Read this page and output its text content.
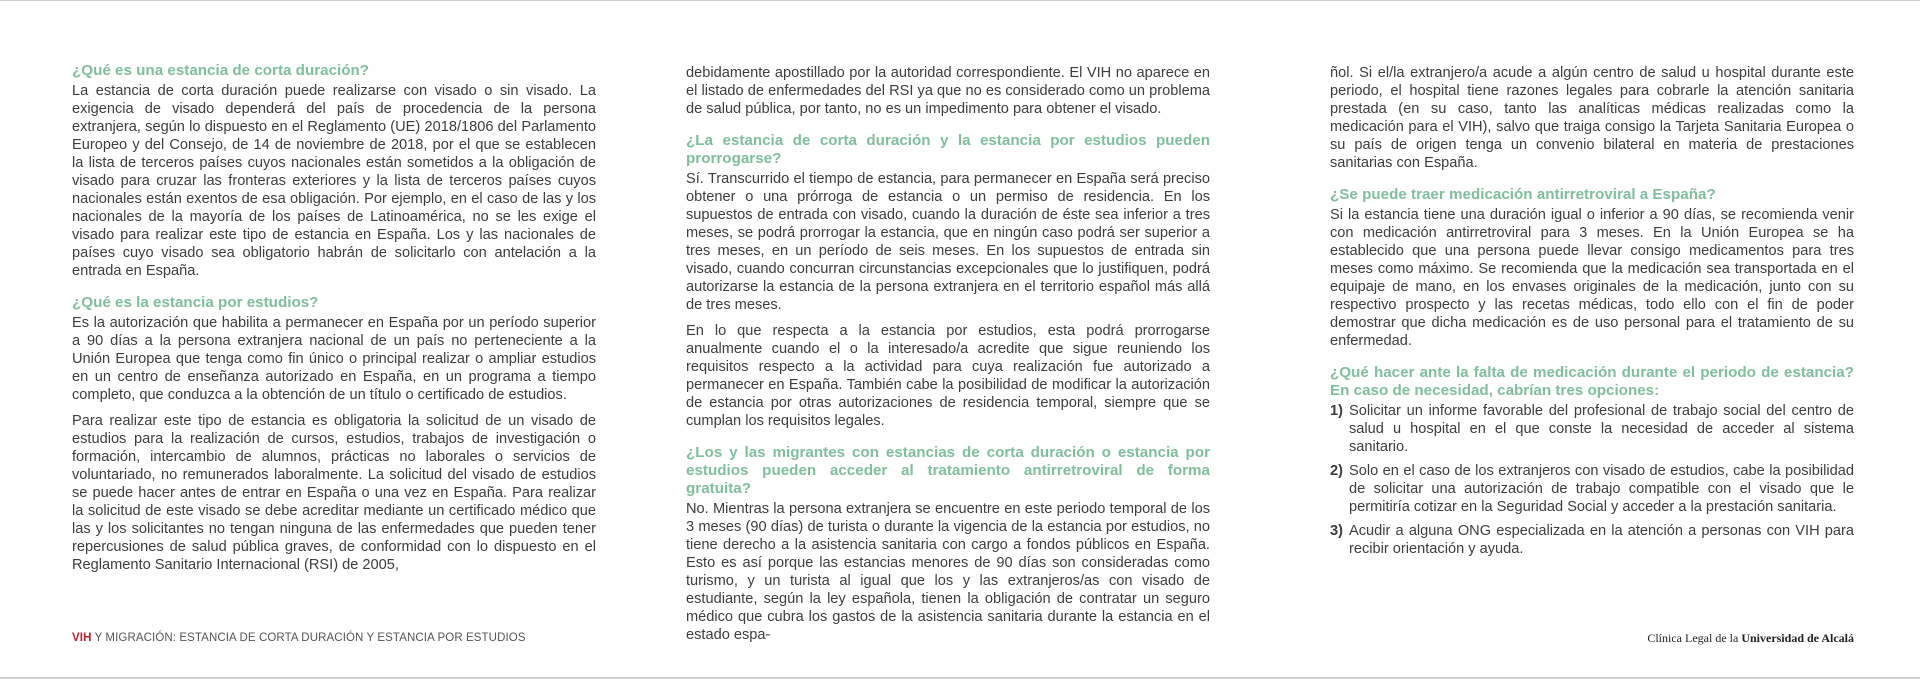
¿Qué es una estancia de corta duración?

La estancia de corta duración puede realizarse con visado o sin visado. La exigencia de visado dependerá del país de procedencia de la persona extranjera, según lo dispuesto en el Reglamento (UE) 2018/1806 del Parlamento Europeo y del Consejo, de 14 de noviembre de 2018, por el que se establecen la lista de terceros países cuyos nacionales están sometidos a la obligación de visado para cruzar las fronteras exteriores y la lista de terceros países cuyos nacionales están exentos de esa obligación. Por ejemplo, en el caso de las y los nacionales de la mayoría de los países de Latinoamérica, no se les exige el visado para realizar este tipo de estancia en España. Los y las nacionales de países cuyo visado sea obligatorio habrán de solicitarlo con antelación a la entrada en España.

¿Qué es la estancia por estudios?

Es la autorización que habilita a permanecer en España por un período superior a 90 días a la persona extranjera nacional de un país no perteneciente a la Unión Europea que tenga como fin único o principal realizar o ampliar estudios en un centro de enseñanza autorizado en España, en un programa a tiempo completo, que conduzca a la obtención de un título o certificado de estudios.

Para realizar este tipo de estancia es obligatoria la solicitud de un visado de estudios para la realización de cursos, estudios, trabajos de investigación o formación, intercambio de alumnos, prácticas no laborales o servicios de voluntariado, no remunerados laboralmente. La solicitud del visado de estudios se puede hacer antes de entrar en España o una vez en España. Para realizar la solicitud de este visado se debe acreditar mediante un certificado médico que las y los solicitantes no tengan ninguna de las enfermedades que pueden tener repercusiones de salud pública graves, de conformidad con lo dispuesto en el Reglamento Sanitario Internacional (RSI) de 2005,

debidamente apostillado por la autoridad correspondiente. El VIH no aparece en el listado de enfermedades del RSI ya que no es considerado como un problema de salud pública, por tanto, no es un impedimento para obtener el visado.

¿La estancia de corta duración y la estancia por estudios pueden prorrogarse?

Sí. Transcurrido el tiempo de estancia, para permanecer en España será preciso obtener o una prórroga de estancia o un permiso de residencia. En los supuestos de entrada con visado, cuando la duración de éste sea inferior a tres meses, se podrá prorrogar la estancia, que en ningún caso podrá ser superior a tres meses, en un período de seis meses. En los supuestos de entrada sin visado, cuando concurran circunstancias excepcionales que lo justifiquen, podrá autorizarse la estancia de la persona extranjera en el territorio español más allá de tres meses.

En lo que respecta a la estancia por estudios, esta podrá prorrogarse anualmente cuando el o la interesado/a acredite que sigue reuniendo los requisitos respecto a la actividad para cuya realización fue autorizado a permanecer en España. También cabe la posibilidad de modificar la autorización de estancia por otras autorizaciones de residencia temporal, siempre que se cumplan los requisitos legales.

¿Los y las migrantes con estancias de corta duración o estancia por estudios pueden acceder al tratamiento antirretroviral de forma gratuita?

No. Mientras la persona extranjera se encuentre en este periodo temporal de los 3 meses (90 días) de turista o durante la vigencia de la estancia por estudios, no tiene derecho a la asistencia sanitaria con cargo a fondos públicos en España. Esto es así porque las estancias menores de 90 días son consideradas como turismo, y un turista al igual que los y las extranjeros/as con visado de estudiante, según la ley española, tienen la obligación de contratar un seguro médico que cubra los gastos de la asistencia sanitaria durante la estancia en el estado espa-

ñol. Si el/la extranjero/a acude a algún centro de salud u hospital durante este periodo, el hospital tiene razones legales para cobrarle la atención sanitaria prestada (en su caso, tanto las analíticas médicas realizadas como la medicación para el VIH), salvo que traiga consigo la Tarjeta Sanitaria Europea o su país de origen tenga un convenio bilateral en materia de prestaciones sanitarias con España.

¿Se puede traer medicación antirretroviral a España?

Si la estancia tiene una duración igual o inferior a 90 días, se recomienda venir con medicación antirretroviral para 3 meses. En la Unión Europea se ha establecido que una persona puede llevar consigo medicamentos para tres meses como máximo. Se recomienda que la medicación sea transportada en el equipaje de mano, en los envases originales de la medicación, junto con su respectivo prospecto y las recetas médicas, todo ello con el fin de poder demostrar que dicha medicación es de uso personal para el tratamiento de su enfermedad.

¿Qué hacer ante la falta de medicación durante el periodo de estancia? En caso de necesidad, cabrían tres opciones:
1) Solicitar un informe favorable del profesional de trabajo social del centro de salud u hospital en el que conste la necesidad de acceder al sistema sanitario.
2) Solo en el caso de los extranjeros con visado de estudios, cabe la posibilidad de solicitar una autorización de trabajo compatible con el visado que le permitiría cotizar en la Seguridad Social y acceder a la prestación sanitaria.
3) Acudir a alguna ONG especializada en la atención a personas con VIH para recibir orientación y ayuda.
VIH Y MIGRACIÓN: ESTANCIA DE CORTA DURACIÓN Y ESTANCIA POR ESTUDIOS	Clínica Legal de la Universidad de Alcalá
